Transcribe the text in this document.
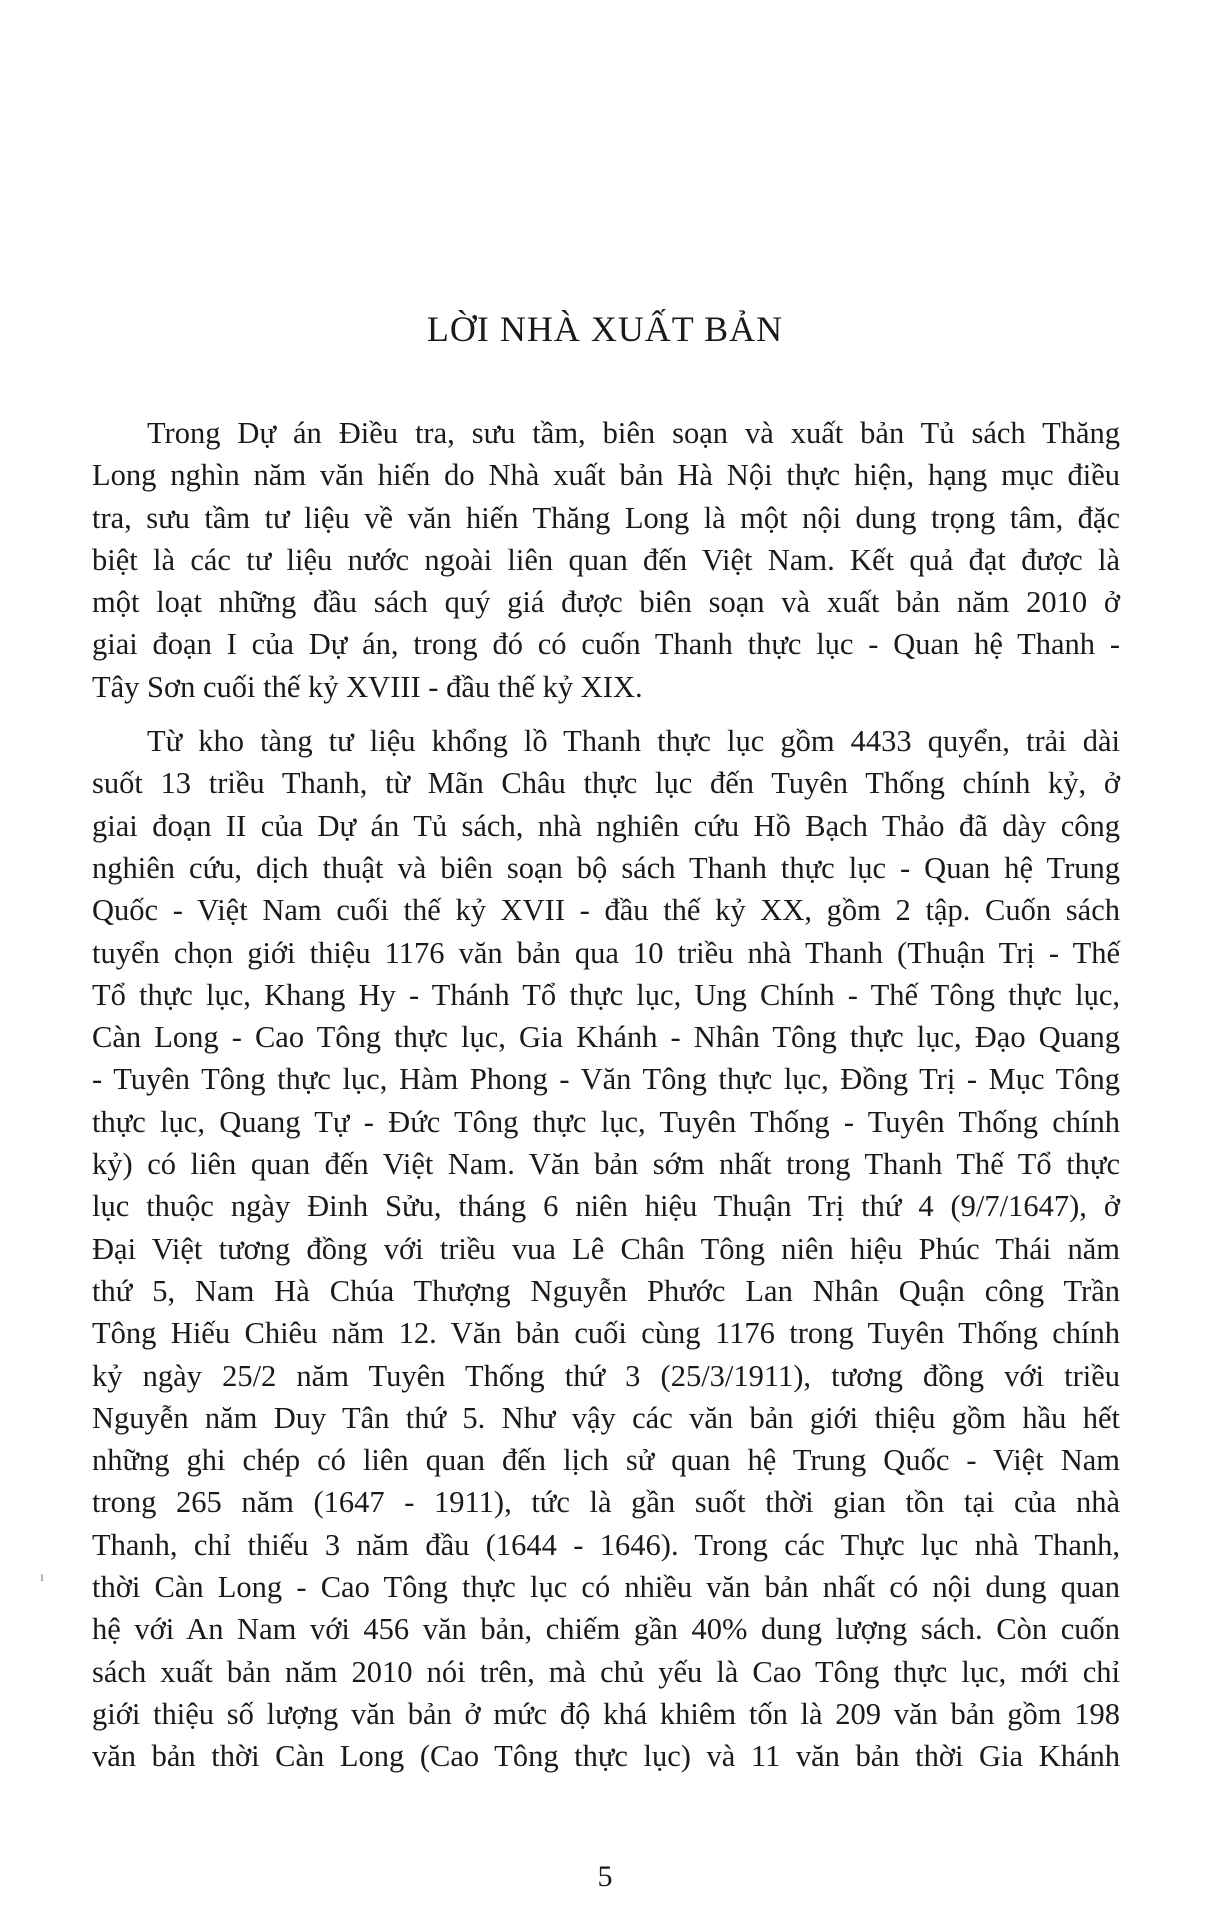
LỜI NHÀ XUẤT BẢN
Trong Dự án Điều tra, sưu tầm, biên soạn và xuất bản Tủ sách Thăng
Long nghìn năm văn hiến do Nhà xuất bản Hà Nội thực hiện, hạng mục điều
tra, sưu tầm tư liệu về văn hiến Thăng Long là một nội dung trọng tâm, đặc
biệt là các tư liệu nước ngoài liên quan đến Việt Nam. Kết quả đạt được là
một loạt những đầu sách quý giá được biên soạn và xuất bản năm 2010 ở
giai đoạn I của Dự án, trong đó có cuốn Thanh thực lục - Quan hệ Thanh -
Tây Sơn cuối thế kỷ XVIII - đầu thế kỷ XIX.
Từ kho tàng tư liệu khổng lồ Thanh thực lục gồm 4433 quyển, trải dài
suốt 13 triều Thanh, từ Mãn Châu thực lục đến Tuyên Thống chính kỷ, ở
giai đoạn II của Dự án Tủ sách, nhà nghiên cứu Hồ Bạch Thảo đã dày công
nghiên cứu, dịch thuật và biên soạn bộ sách Thanh thực lục - Quan hệ Trung
Quốc - Việt Nam cuối thế kỷ XVII - đầu thế kỷ XX, gồm 2 tập. Cuốn sách
tuyển chọn giới thiệu 1176 văn bản qua 10 triều nhà Thanh (Thuận Trị - Thế
Tổ thực lục, Khang Hy - Thánh Tổ thực lục, Ung Chính - Thế Tông thực lục,
Càn Long - Cao Tông thực lục, Gia Khánh - Nhân Tông thực lục, Đạo Quang
- Tuyên Tông thực lục, Hàm Phong - Văn Tông thực lục, Đồng Trị - Mục Tông
thực lục, Quang Tự - Đức Tông thực lục, Tuyên Thống - Tuyên Thống chính
kỷ) có liên quan đến Việt Nam. Văn bản sớm nhất trong Thanh Thế Tổ thực
lục thuộc ngày Đinh Sửu, tháng 6 niên hiệu Thuận Trị thứ 4 (9/7/1647), ở
Đại Việt tương đồng với triều vua Lê Chân Tông niên hiệu Phúc Thái năm
thứ 5, Nam Hà Chúa Thượng Nguyễn Phước Lan Nhân Quận công Trần
Tông Hiếu Chiêu năm 12. Văn bản cuối cùng 1176 trong Tuyên Thống chính
kỷ ngày 25/2 năm Tuyên Thống thứ 3 (25/3/1911), tương đồng với triều
Nguyễn năm Duy Tân thứ 5. Như vậy các văn bản giới thiệu gồm hầu hết
những ghi chép có liên quan đến lịch sử quan hệ Trung Quốc - Việt Nam
trong 265 năm (1647 - 1911), tức là gần suốt thời gian tồn tại của nhà
Thanh, chỉ thiếu 3 năm đầu (1644 - 1646). Trong các Thực lục nhà Thanh,
thời Càn Long - Cao Tông thực lục có nhiều văn bản nhất có nội dung quan
hệ với An Nam với 456 văn bản, chiếm gần 40% dung lượng sách. Còn cuốn
sách xuất bản năm 2010 nói trên, mà chủ yếu là Cao Tông thực lục, mới chỉ
giới thiệu số lượng văn bản ở mức độ khá khiêm tốn là 209 văn bản gồm 198
văn bản thời Càn Long (Cao Tông thực lục) và 11 văn bản thời Gia Khánh
ı
5
